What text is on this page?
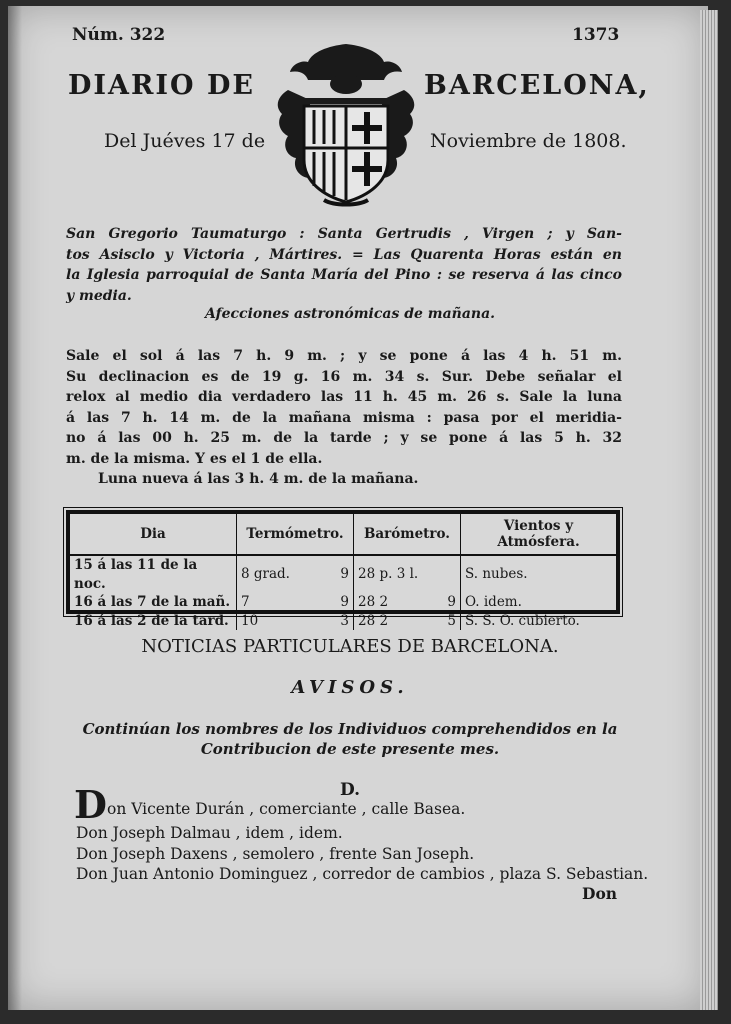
Núm. 322	1373
DIARIO DE	BARCELONA,
Del Juéves 17 de	Noviembre de 1808.
San Gregorio Taumaturgo : Santa Gertrudis , Virgen ; y San-
tos Asisclo y Victoria , Mártires. = Las Quarenta Horas están en
la Iglesia parroquial de Santa María del Pino : se reserva á las cinco
y media.
Afecciones astronómicas de mañana.
Sale el sol á las 7 h. 9 m. ; y se pone á las 4 h. 51 m.
Su declinacion es de 19 g. 16 m. 34 s. Sur. Debe señalar el
relox al medio dia verdadero las 11 h. 45 m. 26 s. Sale la luna
á las 7 h. 14 m. de la mañana misma : pasa por el meridia-
no á las 00 h. 25 m. de la tarde ; y se pone á las 5 h. 32
m. de la misma. Y es el 1 de ella.
Luna nueva á las 3 h. 4 m. de la mañana.
Dia	Termómetro.	Barómetro.	Vientos y Atmósfera.
15 á las 11 de la noc.	8 grad. 9	28 p. 3 l.	S. nubes.
16 á las 7 de la mañ.	7 9	28 2 9	O. idem.
16 á las 2 de la tard.	10 3	28 2 5	S. S. O. cubierto.
NOTICIAS PARTICULARES DE BARCELONA.
AVISOS.
Continúan los nombres de los Individuos comprehendidos en la
Contribucion de este presente mes.
D.
D on Vicente Durán , comerciante , calle Basea.
Don Joseph Dalmau , idem , idem.
Don Joseph Daxens , semolero , frente San Joseph.
Don Juan Antonio Dominguez , corredor de cambios , plaza S. Sebastian.
Don
